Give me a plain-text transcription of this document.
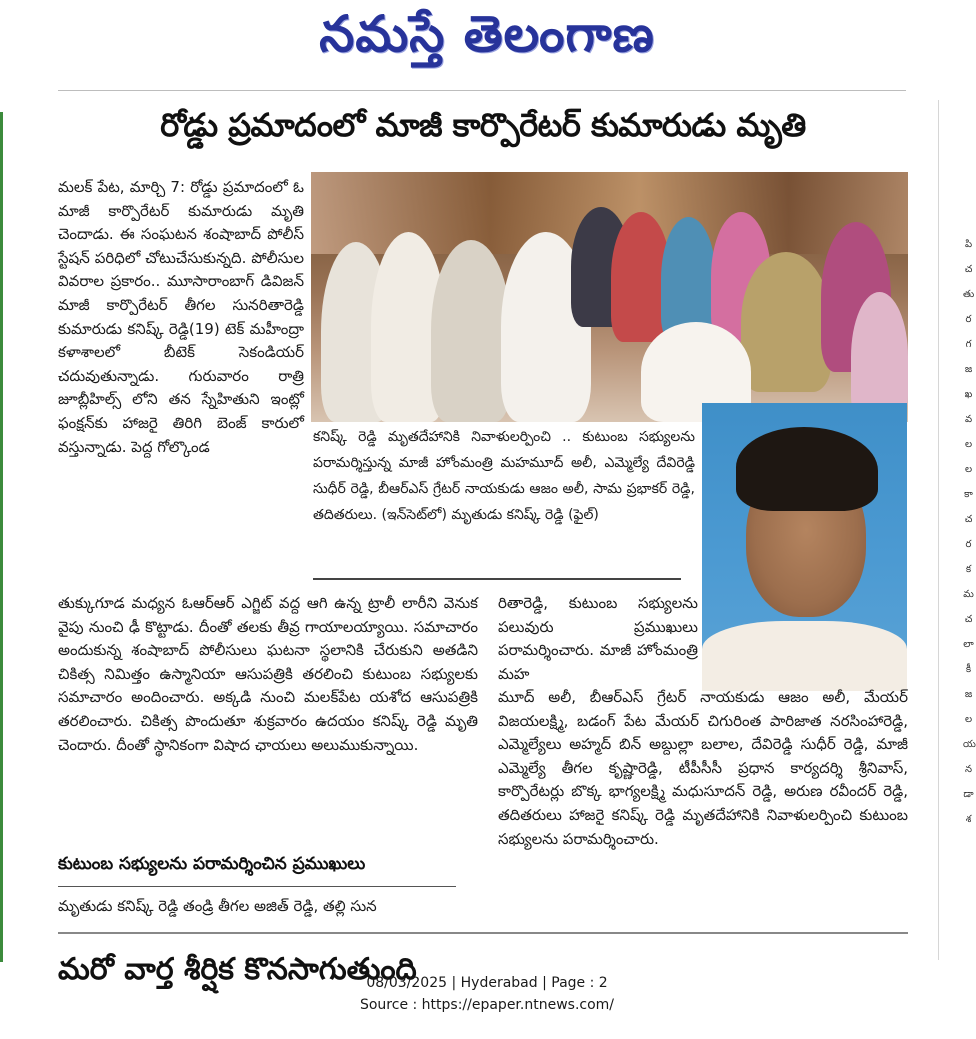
నమస్తే తెలంగాణ
రోడ్డు ప్రమాదంలో మాజీ కార్పొరేటర్ కుమారుడు మృతి

మలక్ పేట, మార్చి 7: రోడ్డు ప్రమాదంలో ఓ మాజీ కార్పొరేటర్ కుమారుడు మృతి చెందాడు. ఈ సంఘటన శంషాబాద్ పోలీస్ స్టేషన్ పరిధిలో చోటుచేసుకున్నది. పోలీసుల వివరాల ప్రకారం.. మూసారాంబాగ్ డివిజన్ మాజీ కార్పొరేటర్ తీగల సునరితారెడ్డి కుమారుడు కనిష్క్ రెడ్డి(19) టెక్ మహీంద్రా కళాశాలలో బీటెక్ సెకండియర్ చదువుతున్నాడు. గురువారం రాత్రి జూబ్లీహిల్స్ లోని తన స్నేహితుని ఇంట్లో ఫంక్షన్‌కు హాజరై తిరిగి బెంజ్ కారులో వస్తున్నాడు. పెద్ద గోల్కొండ

కనిష్క్ రెడ్డి మృతదేహానికి నివాళులర్పించి .. కుటుంబ సభ్యులను పరామర్శిస్తున్న మాజీ హోంమంత్రి మహమూద్ అలీ, ఎమ్మెల్యే దేవిరెడ్డి సుధీర్ రెడ్డి, బీఆర్ఎస్ గ్రేటర్ నాయకుడు ఆజం అలీ, సామ ప్రభాకర్ రెడ్డి, తదితరులు. (ఇన్‌సెట్‌లో) మృతుడు కనిష్క్ రెడ్డి (ఫైల్)

తుక్కుగూడ మధ్యన ఓఆర్ఆర్ ఎగ్జిట్ వద్ద ఆగి ఉన్న ట్రాలీ లారీని వెనుక వైపు నుంచి ఢీ కొట్టాడు. దీంతో తలకు తీవ్ర గాయాలయ్యాయి. సమాచారం అందుకున్న శంషాబాద్ పోలీసులు ఘటనా స్థలానికి చేరుకుని అతడిని చికిత్స నిమిత్తం ఉస్మానియా ఆసుపత్రికి తరలించి కుటుంబ సభ్యులకు సమాచారం అందించారు. అక్కడి నుంచి మలక్‌పేట యశోద ఆసుపత్రికి తరలించారు. చికిత్స పొందుతూ శుక్రవారం ఉదయం కనిష్క్ రెడ్డి మృతి చెందారు. దీంతో స్థానికంగా విషాద ఛాయలు అలుముకున్నాయి.

రితారెడ్డి, కుటుంబ సభ్యులను పలువురు ప్రముఖులు పరామర్శించారు. మాజీ హోంమంత్రి మహ

మూద్ అలీ, బీఆర్ఎస్ గ్రేటర్ నాయకుడు ఆజం అలీ, మేయర్ విజయలక్ష్మి, బడంగ్ పేట మేయర్ చిగురింత పారిజాత నరసింహారెడ్డి, ఎమ్మెల్యేలు అహ్మద్ బిన్ అబ్దుల్లా బలాల, దేవిరెడ్డి సుధీర్ రెడ్డి, మాజీ ఎమ్మెల్యే తీగల కృష్ణారెడ్డి, టీపీసీసీ ప్రధాన కార్యదర్శి శ్రీనివాస్, కార్పొరేటర్లు బొక్క భాగ్యలక్ష్మి మధుసూదన్ రెడ్డి, అరుణ రవీందర్ రెడ్డి, తదితరులు హాజరై కనిష్క్ రెడ్డి మృతదేహానికి నివాళులర్పించి కుటుంబ సభ్యులను పరామర్శించారు.

కుటుంబ సభ్యులను పరామర్శించిన ప్రముఖులు

మృతుడు కనిష్క్ రెడ్డి తండ్రి తీగల అజిత్ రెడ్డి, తల్లి సున

మరో వార్త శీర్షిక కొనసాగుతుంది
పి
చ
తు
ర
గ
జ
ఖ
వ
ల
ల
కా
చ
ర
క
మ
చ
లా
కీ
జ
ల
య
న
డా
శ
08/03/2025 | Hyderabad | Page : 2
Source : https://epaper.ntnews.com/
